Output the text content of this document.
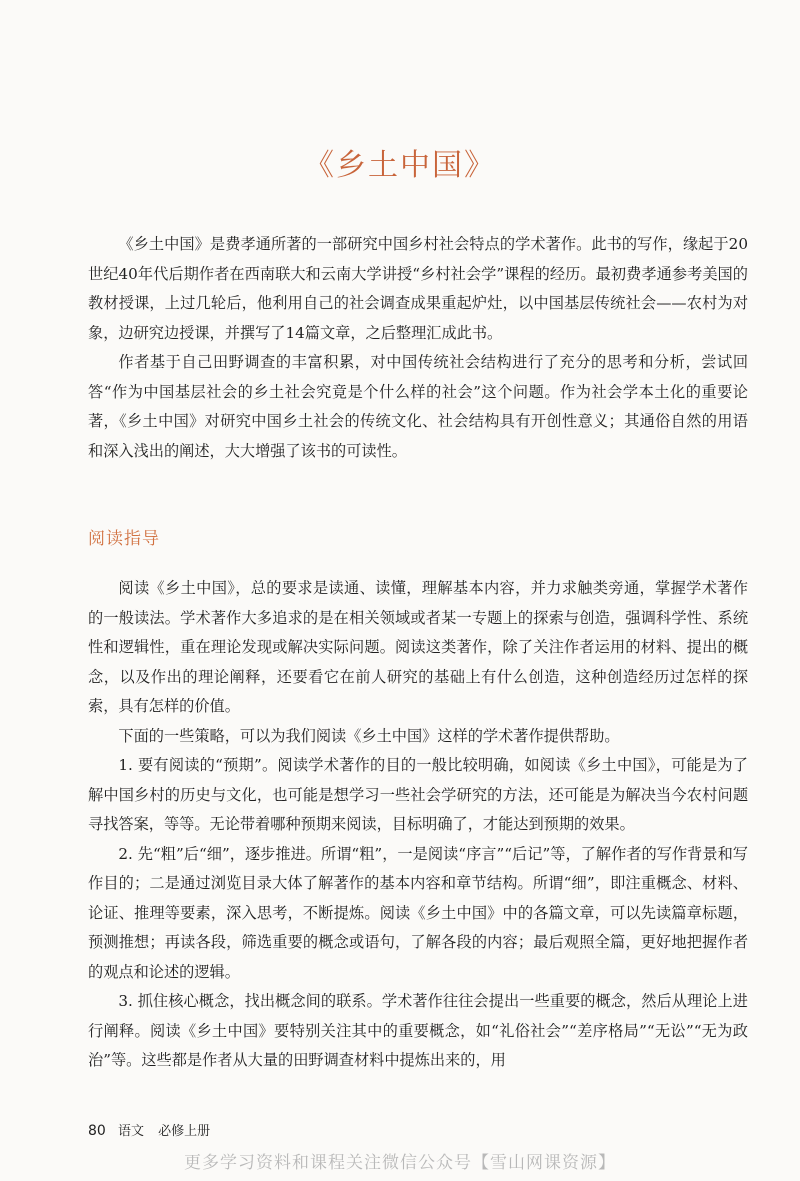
《乡土中国》

《乡土中国》是费孝通所著的一部研究中国乡村社会特点的学术著作。此书的写作，缘起于20世纪40年代后期作者在西南联大和云南大学讲授“乡村社会学”课程的经历。最初费孝通参考美国的教材授课，上过几轮后，他利用自己的社会调查成果重起炉灶，以中国基层传统社会——农村为对象，边研究边授课，并撰写了14篇文章，之后整理汇成此书。

作者基于自己田野调查的丰富积累，对中国传统社会结构进行了充分的思考和分析，尝试回答“作为中国基层社会的乡土社会究竟是个什么样的社会”这个问题。作为社会学本土化的重要论著，《乡土中国》对研究中国乡土社会的传统文化、社会结构具有开创性意义；其通俗自然的用语和深入浅出的阐述，大大增强了该书的可读性。

阅读指导

阅读《乡土中国》，总的要求是读通、读懂，理解基本内容，并力求触类旁通，掌握学术著作的一般读法。学术著作大多追求的是在相关领域或者某一专题上的探索与创造，强调科学性、系统性和逻辑性，重在理论发现或解决实际问题。阅读这类著作，除了关注作者运用的材料、提出的概念，以及作出的理论阐释，还要看它在前人研究的基础上有什么创造，这种创造经历过怎样的探索，具有怎样的价值。

下面的一些策略，可以为我们阅读《乡土中国》这样的学术著作提供帮助。

1. 要有阅读的“预期”。阅读学术著作的目的一般比较明确，如阅读《乡土中国》，可能是为了解中国乡村的历史与文化，也可能是想学习一些社会学研究的方法，还可能是为解决当今农村问题寻找答案，等等。无论带着哪种预期来阅读，目标明确了，才能达到预期的效果。

2. 先“粗”后“细”，逐步推进。所谓“粗”，一是阅读“序言”“后记”等，了解作者的写作背景和写作目的；二是通过浏览目录大体了解著作的基本内容和章节结构。所谓“细”，即注重概念、材料、论证、推理等要素，深入思考，不断提炼。阅读《乡土中国》中的各篇文章，可以先读篇章标题，预测推想；再读各段，筛选重要的概念或语句，了解各段的内容；最后观照全篇，更好地把握作者的观点和论述的逻辑。

3. 抓住核心概念，找出概念间的联系。学术著作往往会提出一些重要的概念，然后从理论上进行阐释。阅读《乡土中国》要特别关注其中的重要概念，如“礼俗社会”“差序格局”“无讼”“无为政治”等。这些都是作者从大量的田野调查材料中提炼出来的，用

80 语文 必修上册
更多学习资料和课程关注微信公众号【雪山网课资源】
